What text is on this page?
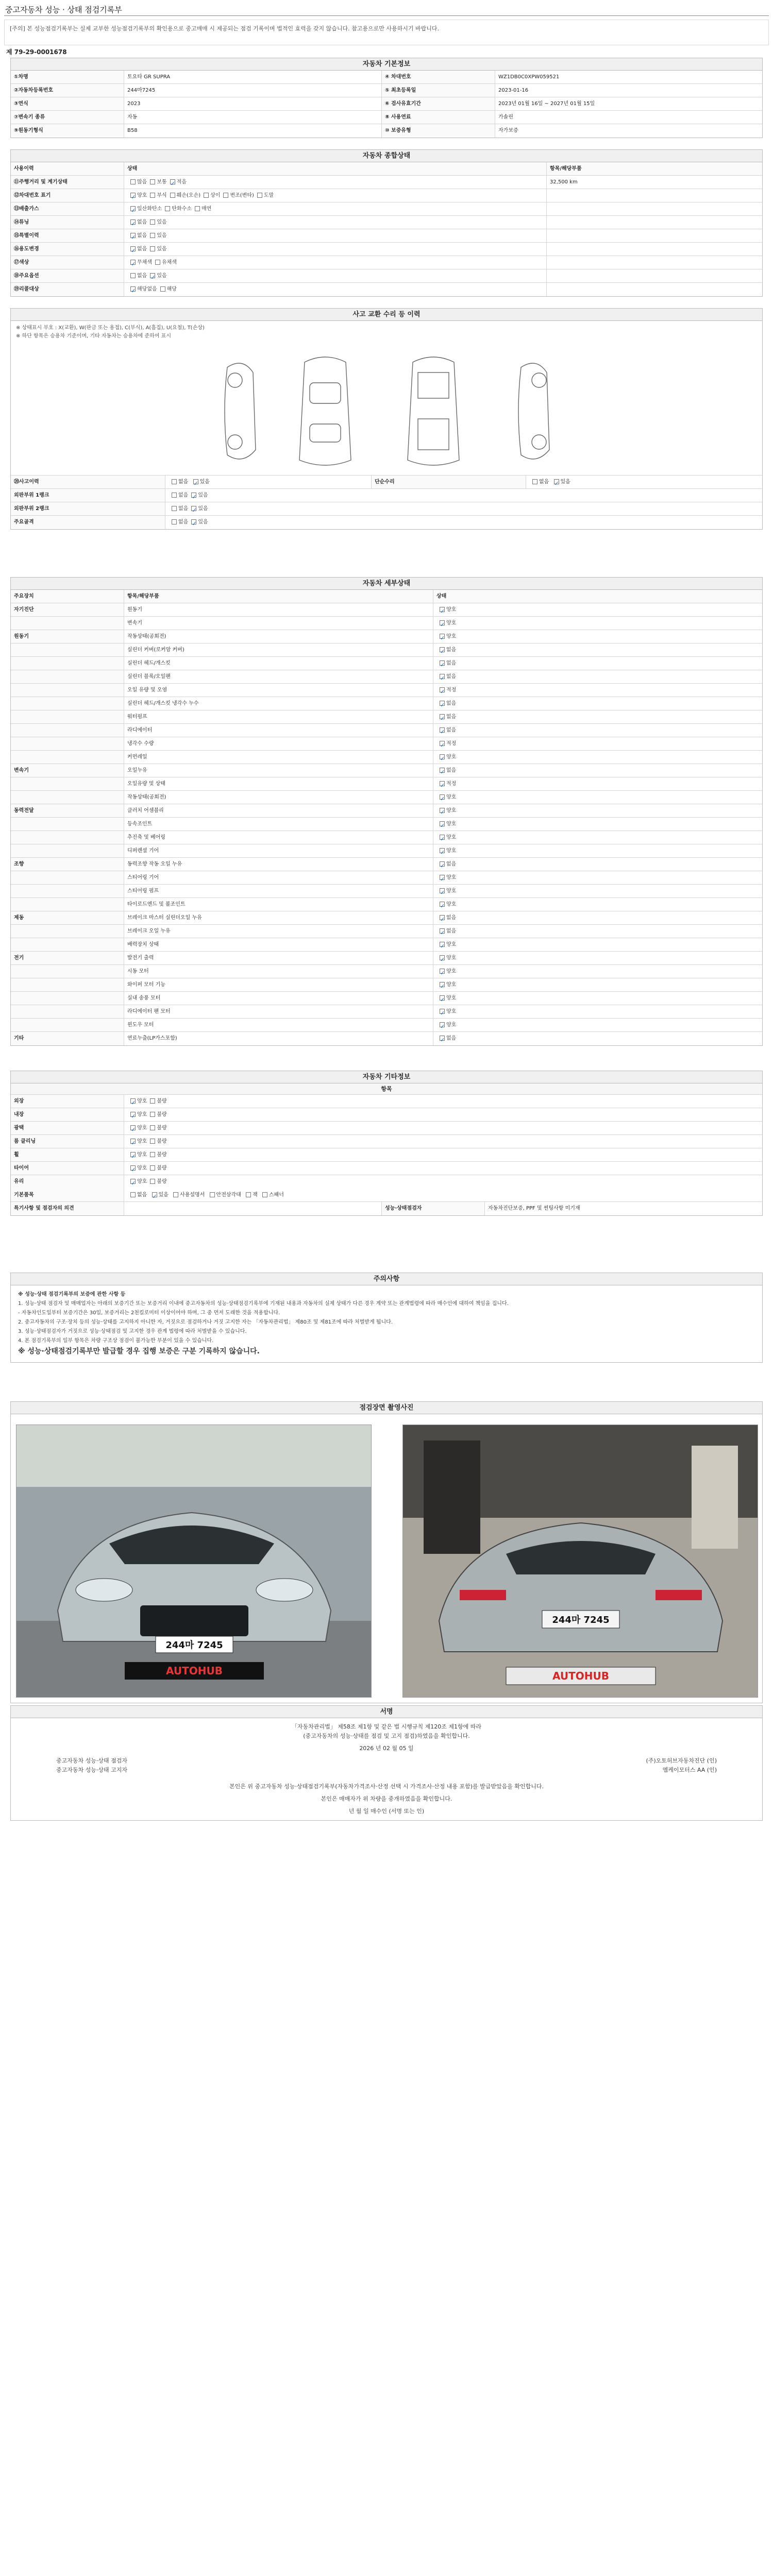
중고자동차 성능 · 상태 점검기록부
[주의] 본 성능점검기록부는 실제 교부한 성능점검기록부의 확인용으로 중고매매 시 제공되는 점검 기록이며 법적인 효력을 갖지 않습니다. 참고용으로만 사용하시기 바랍니다.
제 79-29-0001678
자동차 기본정보
①차명	토요타 GR SUPRA	④ 차대번호	WZ1DB0C0XPW059521
②자동차등록번호	244마7245	⑤ 최초등록일	2023-01-16
③연식	2023	⑥ 검사유효기간	2023년 01월 16일 ~ 2027년 01월 15일
⑦변속기 종류	자동	⑧ 사용연료	가솔린
⑨원동기형식	B58	⑩ 보증유형	자가보증
자동차 종합상태
사용이력	상태	항목/해당부품
⑪주행거리 및 계기상태	많음 보통 ✓ 적음	32,500 km
⑫차대번호 표기 ✓	양호 부식 훼손(오손) 상이 변조(변타) 도말
⑬배출가스 ✓	일산화탄소 탄화수소 매연
⑭튜닝 ✓	없음 있음
⑮특별이력 ✓	없음 있음
⑯용도변경 ✓	없음 있음
⑰색상 ✓	무채색 유채색
⑱주요옵션	없음 ✓ 있음
⑲리콜대상 ✓	해당없음 해당
사고 교환 수리 등 이력
※ 상태표시 부호 : X(교환), W(판금 또는 용접), C(부식), A(흠집), U(요철), T(손상)
※ 하단 항목은 승용차 기준이며, 기타 자동차는 승용차에 준하여 표시
⑳사고이력	없음 ✓ 있음	단순수리	없음 ✓ 있음
외판부위 1랭크	없음 ✓ 있음
외판부위 2랭크	없음 ✓ 있음
주요골격	없음 ✓ 있음
자동차 세부상태
주요장치	항목/해당부품	상태
자기진단	원동기 ✓	양호
변속기 ✓	양호
원동기	작동상태(공회전) ✓	양호
실린더 커버(로커암 커버) ✓	없음
실린더 헤드/개스킷 ✓	없음
실린더 블록/오일팬 ✓	없음
오일 유량 및 오염 ✓	적정
실린더 헤드/개스킷 냉각수 누수 ✓	없음
워터펌프 ✓	없음
라디에이터 ✓	없음
냉각수 수량 ✓	적정
커먼레일 ✓	양호
변속기	오일누유 ✓	없음
오일유량 및 상태 ✓	적정
작동상태(공회전) ✓	양호
동력전달	클러치 어셈블리 ✓	양호
등속조인트 ✓	양호
추진축 및 베어링 ✓	양호
디퍼렌셜 기어 ✓	양호
조향	동력조향 작동 오일 누유 ✓	없음
스티어링 기어 ✓	양호
스티어링 펌프 ✓	양호
타이로드엔드 및 볼조인트 ✓	양호
제동	브레이크 마스터 실린더오일 누유 ✓	없음
브레이크 오일 누유 ✓	없음
배력장치 상태 ✓	양호
전기	발전기 출력 ✓	양호
시동 모터 ✓	양호
와이퍼 모터 기능 ✓	양호
실내 송풍 모터 ✓	양호
라디에이터 팬 모터 ✓	양호
윈도우 모터 ✓	양호
기타	연료누출(LP가스포함) ✓	없음
자동차 기타정보
항목
외장 ✓	양호 불량
내장 ✓	양호 불량
광택 ✓	양호 불량
룸 클리닝 ✓	양호 불량
휠 ✓	양호 불량
타이어 ✓	양호 불량
유리 ✓	양호 불량
기본품목	없음 ✓ 있음 사용설명서 안전삼각대 잭 스패너
특기사항 및 점검자의 의견	성능·상태점검자	자동차진단보증, PPF 및 썬팅사항 미기재
주의사항

※ 성능·상태 점검기록부의 보증에 관한 사항 등

1. 성능·상태 점검자 및 매매업자는 아래의 보증기간 또는 보증거리 이내에 중고자동차의 성능·상태점검기록부에 기재된 내용과 자동차의 실제 상태가 다른 경우 계약 또는 관계법령에 따라 매수인에 대하여 책임을 집니다.

- 자동차인도일부터 보증기간은 30일, 보증거리는 2천킬로미터 이상이어야 하며, 그 중 먼저 도래한 것을 적용합니다.

2. 중고자동차의 구조·장치 등의 성능·상태를 고지하지 아니한 자, 거짓으로 점검하거나 거짓 고지한 자는 「자동차관리법」 제80조 및 제81조에 따라 처벌받게 됩니다.

3. 성능·상태점검자가 거짓으로 성능·상태점검 및 고지한 경우 관계 법령에 따라 처벌받을 수 있습니다.

4. 본 점검기록부의 일부 항목은 차량 구조상 점검이 불가능한 부분이 있을 수 있습니다.

※ 성능·상태점검기록부만 발급할 경우 집행 보증은 구분 기록하지 않습니다.

점검장면 촬영사진
244마 7245
AUTOHUB
244마 7245
AUTOHUB
서명
「자동차관리법」 제58조 제1항 및 같은 법 시행규칙 제120조 제1항에 따라
(중고자동차의 성능·상태를 점검 및 고지 점검)하였음을 확인합니다.
2026 년 02 월 05 일
중고자동차 성능·상태 점검자	(주)오토허브자동차진단 (인)
중고자동차 성능·상태 고지자	엠케이모터스 AA (인)
본인은 위 중고자동차 성능·상태점검기록부(자동차가격조사·산정 선택 시 가격조사·산정 내용 포함)를 발급받았음을 확인합니다.
본인은 매매자가 위 차량을 중개하였음을 확인합니다.
년 월 일 매수인 (서명 또는 인)
